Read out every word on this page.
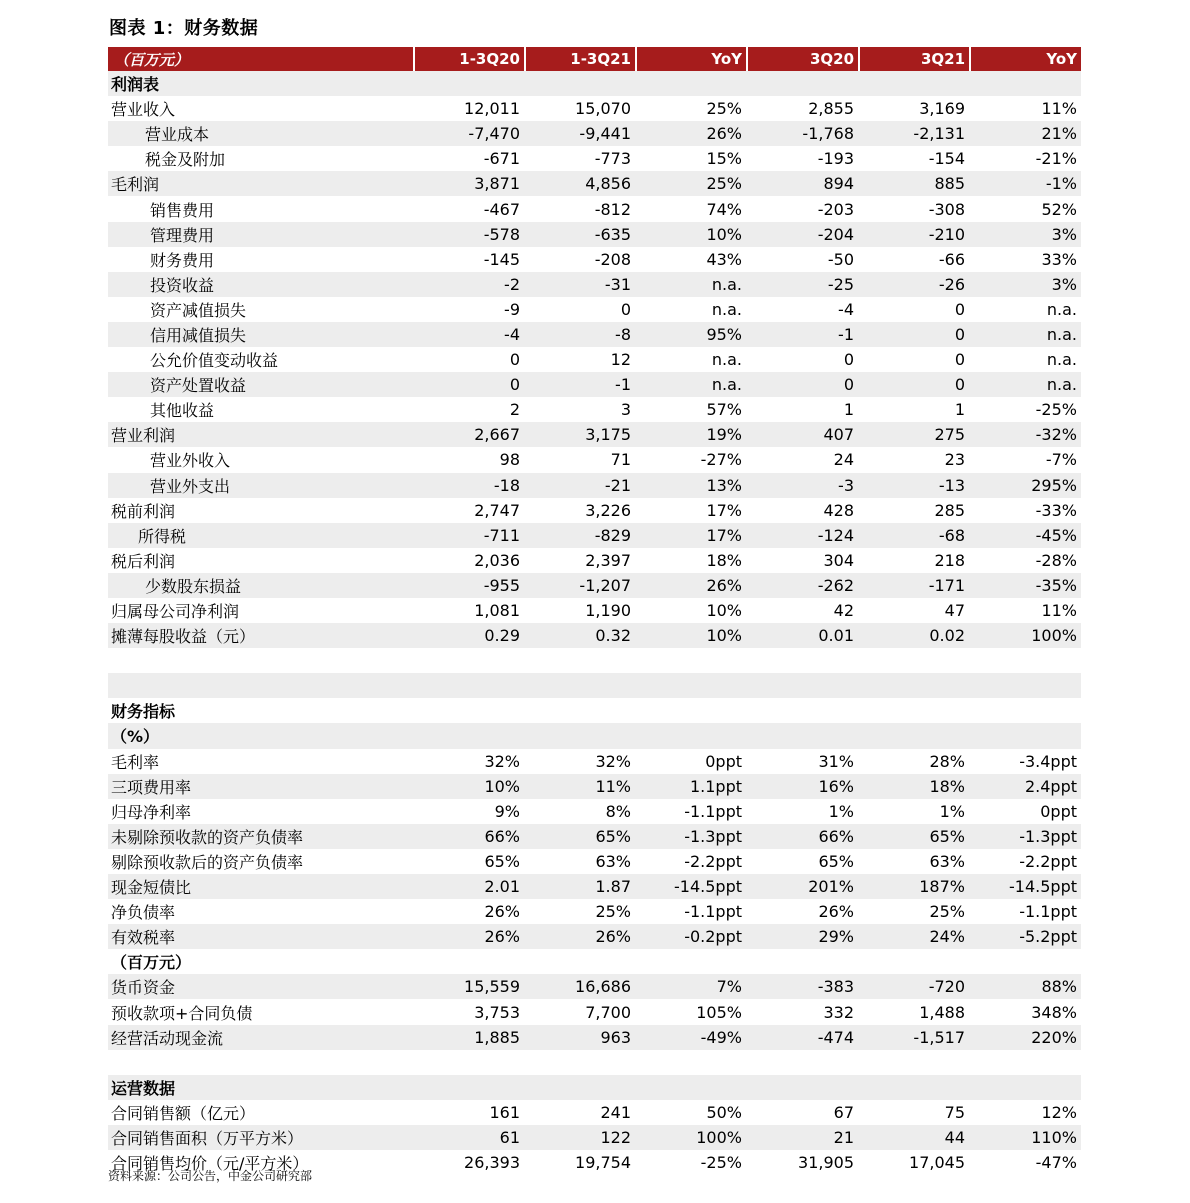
图表 1：财务数据
（百万元）	1-3Q20	1-3Q21	YoY	3Q20	3Q21	YoY
利润表
营业收入	12,011	15,070	25%	2,855	3,169	11%
营业成本	-7,470	-9,441	26%	-1,768	-2,131	21%
税金及附加	-671	-773	15%	-193	-154	-21%
毛利润	3,871	4,856	25%	894	885	-1%
销售费用	-467	-812	74%	-203	-308	52%
管理费用	-578	-635	10%	-204	-210	3%
财务费用	-145	-208	43%	-50	-66	33%
投资收益	-2	-31	n.a.	-25	-26	3%
资产减值损失	-9	0	n.a.	-4	0	n.a.
信用减值损失	-4	-8	95%	-1	0	n.a.
公允价值变动收益	0	12	n.a.	0	0	n.a.
资产处置收益	0	-1	n.a.	0	0	n.a.
其他收益	2	3	57%	1	1	-25%
营业利润	2,667	3,175	19%	407	275	-32%
营业外收入	98	71	-27%	24	23	-7%
营业外支出	-18	-21	13%	-3	-13	295%
税前利润	2,747	3,226	17%	428	285	-33%
所得税	-711	-829	17%	-124	-68	-45%
税后利润	2,036	2,397	18%	304	218	-28%
少数股东损益	-955	-1,207	26%	-262	-171	-35%
归属母公司净利润	1,081	1,190	10%	42	47	11%
摊薄每股收益（元）	0.29	0.32	10%	0.01	0.02	100%
财务指标
（%）
毛利率	32%	32%	0ppt	31%	28%	-3.4ppt
三项费用率	10%	11%	1.1ppt	16%	18%	2.4ppt
归母净利率	9%	8%	-1.1ppt	1%	1%	0ppt
未剔除预收款的资产负债率	66%	65%	-1.3ppt	66%	65%	-1.3ppt
剔除预收款后的资产负债率	65%	63%	-2.2ppt	65%	63%	-2.2ppt
现金短债比	2.01	1.87	-14.5ppt	201%	187%	-14.5ppt
净负债率	26%	25%	-1.1ppt	26%	25%	-1.1ppt
有效税率	26%	26%	-0.2ppt	29%	24%	-5.2ppt
（百万元）
货币资金	15,559	16,686	7%	-383	-720	88%
预收款项+合同负债	3,753	7,700	105%	332	1,488	348%
经营活动现金流	1,885	963	-49%	-474	-1,517	220%
运营数据
合同销售额（亿元）	161	241	50%	67	75	12%
合同销售面积（万平方米）	61	122	100%	21	44	110%
合同销售均价（元/平方米）	26,393	19,754	-25%	31,905	17,045	-47%
资料来源：公司公告，中金公司研究部
